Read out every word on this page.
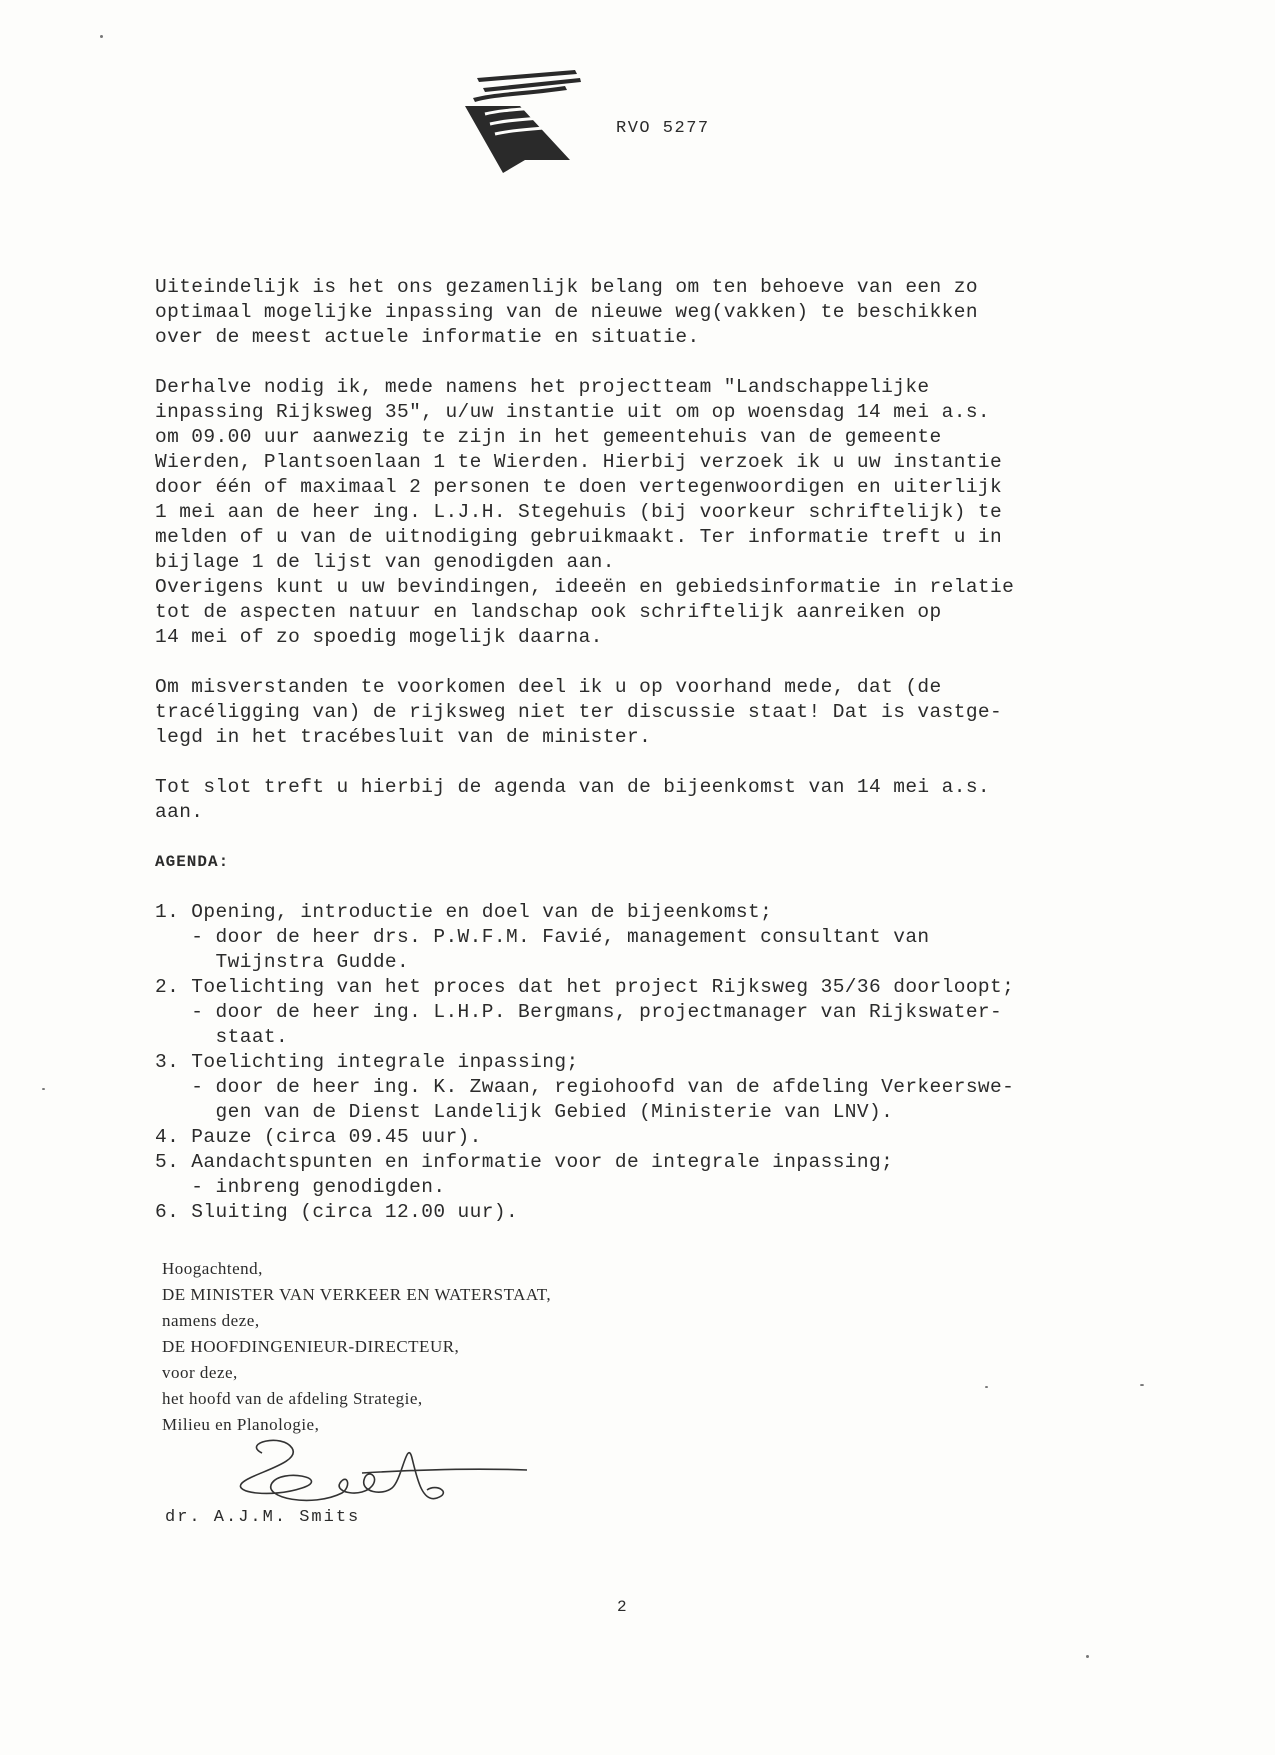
RVO 5277

Uiteindelijk is het ons gezamenlijk belang om ten behoeve van een zo

optimaal mogelijke inpassing van de nieuwe weg(vakken) te beschikken

over de meest actuele informatie en situatie.

Derhalve nodig ik, mede namens het projectteam "Landschappelijke

inpassing Rijksweg 35", u/uw instantie uit om op woensdag 14 mei a.s.

om 09.00 uur aanwezig te zijn in het gemeentehuis van de gemeente

Wierden, Plantsoenlaan 1 te Wierden. Hierbij verzoek ik u uw instantie

door één of maximaal 2 personen te doen vertegenwoordigen en uiterlijk

1 mei aan de heer ing. L.J.H. Stegehuis (bij voorkeur schriftelijk) te

melden of u van de uitnodiging gebruikmaakt. Ter informatie treft u in

bijlage 1 de lijst van genodigden aan.

Overigens kunt u uw bevindingen, ideeën en gebiedsinformatie in relatie

tot de aspecten natuur en landschap ook schriftelijk aanreiken op

14 mei of zo spoedig mogelijk daarna.

Om misverstanden te voorkomen deel ik u op voorhand mede, dat (de

tracéligging van) de rijksweg niet ter discussie staat! Dat is vastge-

legd in het tracébesluit van de minister.

Tot slot treft u hierbij de agenda van de bijeenkomst van 14 mei a.s.

aan.

AGENDA:

1. Opening, introductie en doel van de bijeenkomst;

- door de heer drs. P.W.F.M. Favié, management consultant van

Twijnstra Gudde.

2. Toelichting van het proces dat het project Rijksweg 35/36 doorloopt;

- door de heer ing. L.H.P. Bergmans, projectmanager van Rijkswater-

staat.

3. Toelichting integrale inpassing;

- door de heer ing. K. Zwaan, regiohoofd van de afdeling Verkeerswe-

gen van de Dienst Landelijk Gebied (Ministerie van LNV).

4. Pauze (circa 09.45 uur).

5. Aandachtspunten en informatie voor de integrale inpassing;

- inbreng genodigden.

6. Sluiting (circa 12.00 uur).

Hoogachtend,

DE MINISTER VAN VERKEER EN WATERSTAAT,

namens deze,

DE HOOFDINGENIEUR-DIRECTEUR,

voor deze,

het hoofd van de afdeling Strategie,

Milieu en Planologie,

dr. A.J.M. Smits
2
